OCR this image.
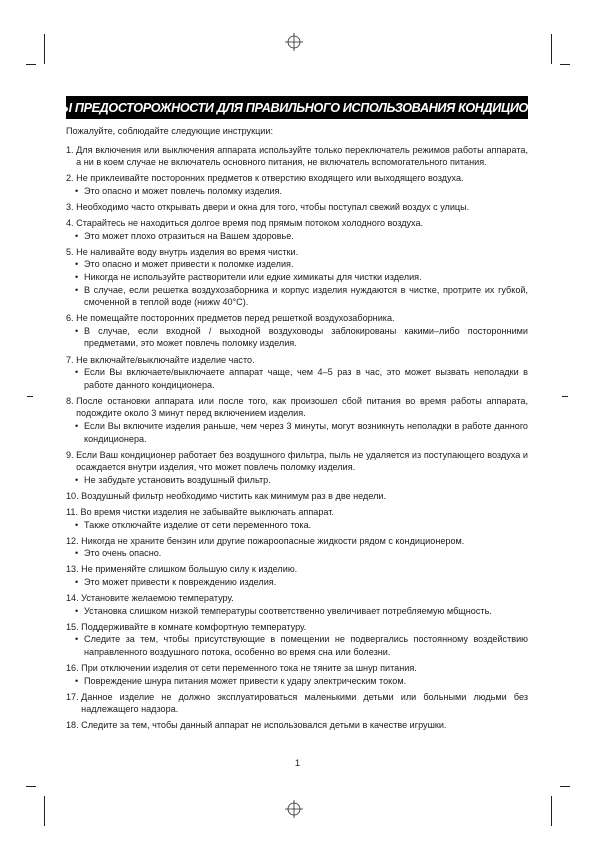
МЕРЫ ПРЕДОСТОРОЖНОСТИ ДЛЯ ПРАВИЛЬНОГО ИСПОЛЬЗОВАНИЯ КОНДИЦИОНЕРА
Пожалуйте, соблюдайте следующие инструкции:
1. Для включения или выключения аппарата используйте только переключатель режимов работы аппарата, а ни в коем случае не включатель основного питания, не включатель вспомогательного питания.
2. Не приклеивайте посторонних предметов к отверстию входящего или выходящего воздуха.
• Это опасно и может повлечь поломку изделия.
3. Необходимо часто открывать двери и окна для того, чтобы поступал свежий воздух с улицы.
4. Старайтесь не находиться долгое время под прямым потоком холодного воздуха.
• Это может плохо отразиться на Вашем здоровье.
5. Не наливайте воду внутрь изделия во время чистки.
• Это опасно и может привести к поломке изделия.
• Никогда не используйте растворители или едкие химикаты для чистки изделия.
• В случае, если решетка воздухозаборника и корпус изделия нуждаются в чистке, протрите их губкой, смоченной в теплой воде (нижw 40°C).
6. Не помещайте посторонних предметов перед решеткой воздухозаборника.
• В случае, если входной / выходной воздуховоды заблокированы какими–либо посторонними предметами, это может повлечь поломку изделия.
7. Не включайте/выключайте изделие часто.
• Если Вы включаете/выключаете аппарат чаще, чем 4–5 раз в час, это может вызвать неполадки в работе данного кондиционера.
8. После остановки аппарата или после того, как произошел сбой питания во время работы аппарата, подождите около 3 минут перед включением изделия.
• Если Вы включите изделия раньше, чем через 3 минуты, могут возникнуть неполадки в работе данного кондиционера.
9. Если Ваш кондиционер работает без воздушного фильтра, пыль не удаляется из поступающего воздуха и осаждается внутри изделия, что может повлечь поломку изделия.
• Не забудьте установить воздушный фильтр.
10. Воздушный фильтр необходимо чистить как минимум раз в две недели.
11. Во время чистки изделия не забывайте выключать аппарат.
• Также отключайте изделие от сети переменного тока.
12. Никогда не храните бензин или другие пожароопасные жидкости рядом с кондиционером.
• Это очень опасно.
13. Не применяйте слишком большую силу к изделию.
• Это может привести к повреждению изделия.
14. Установите желаемою температуру.
• Установка слишком низкой температуры соответственно увеличивает потребляемую мбщность.
15. Поддерживайте в комнате комфортную температуру.
• Следите за тем, чтобы присутствующие в помещении не подвергались постоянному воздействию направленного воздушного потока, особенно во время сна или болезни.
16. При отключении изделия от сети переменного тока не тяните за шнур питания.
• Повреждение шнура питания может привести к удару электрическим током.
17. Данное изделие не должно эксплуатироваться маленькими детьми или больными людьми без надлежащего надзора.
18. Следите за тем, чтобы данный аппарат не использовался детьми в качестве игрушки.
1
